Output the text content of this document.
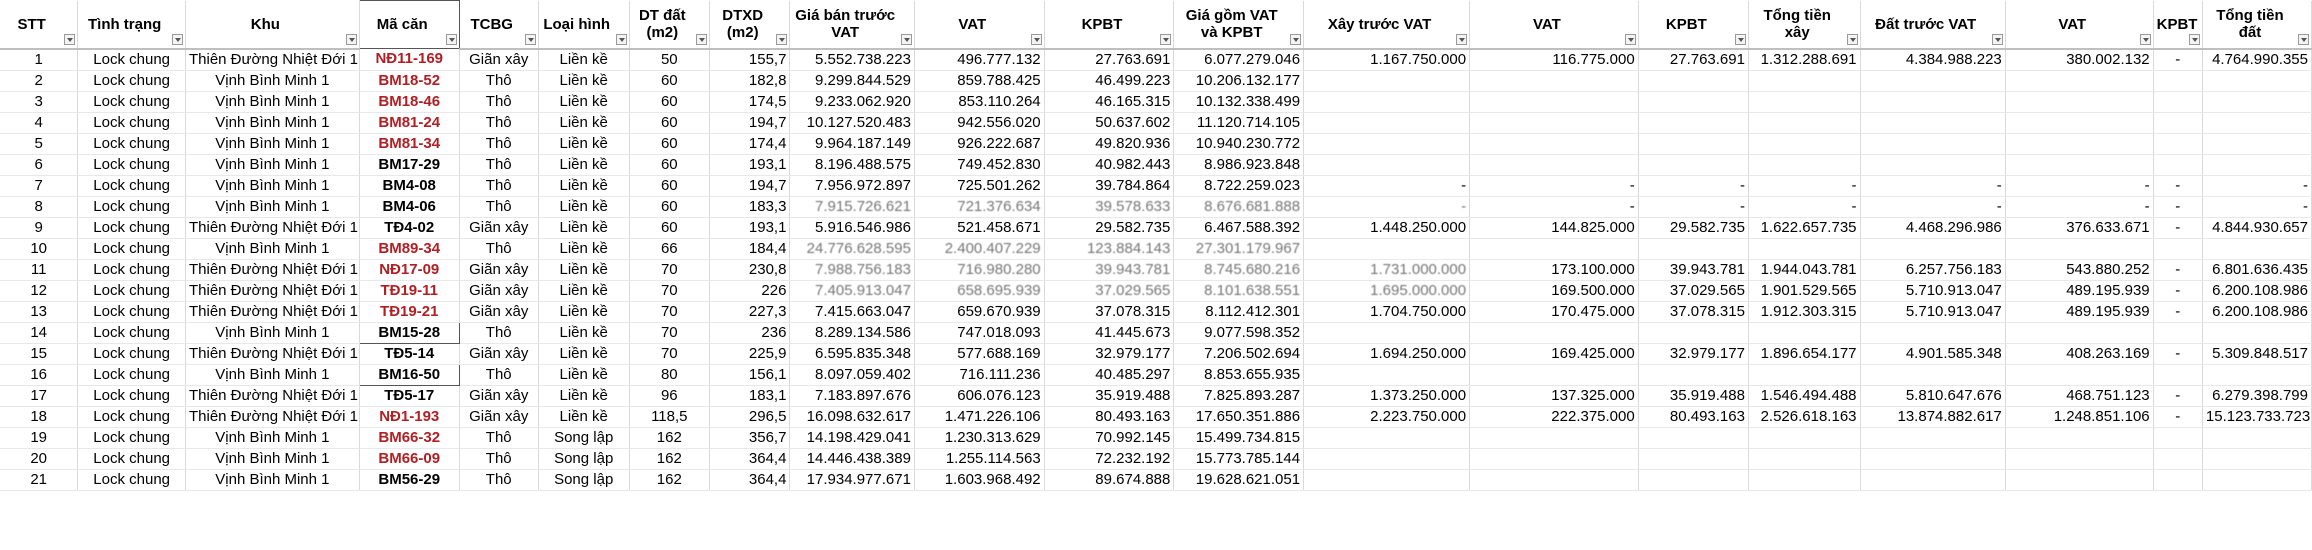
STT	Tình trạng	Khu	Mã căn	TCBG	Loại hình	DT đất (m2)	DTXD (m2)	Giá bán trước VAT	VAT	KPBT	Giá gồm VAT và KPBT	Xây trước VAT	VAT	KPBT	Tổng tiền xây	Đất trước VAT	VAT	KPBT	Tổng tiền đất

1	Lock chung	Thiên Đường Nhiệt Đới 1	NĐ11-169	Giãn xây	Liền kề	50	155,7	5.552.738.223	496.777.132	27.763.691	6.077.279.046	1.167.750.000	116.775.000	27.763.691	1.312.288.691	4.384.988.223	380.002.132	-	4.764.990.355
2	Lock chung	Vịnh Bình Minh 1	BM18-52	Thô	Liền kề	60	182,8	9.299.844.529	859.788.425	46.499.223	10.206.132.177								
3	Lock chung	Vịnh Bình Minh 1	BM18-46	Thô	Liền kề	60	174,5	9.233.062.920	853.110.264	46.165.315	10.132.338.499								
4	Lock chung	Vịnh Bình Minh 1	BM81-24	Thô	Liền kề	60	194,7	10.127.520.483	942.556.020	50.637.602	11.120.714.105								
5	Lock chung	Vịnh Bình Minh 1	BM81-34	Thô	Liền kề	60	174,4	9.964.187.149	926.222.687	49.820.936	10.940.230.772								
6	Lock chung	Vịnh Bình Minh 1	BM17-29	Thô	Liền kề	60	193,1	8.196.488.575	749.452.830	40.982.443	8.986.923.848								
7	Lock chung	Vịnh Bình Minh 1	BM4-08	Thô	Liền kề	60	194,7	7.956.972.897	725.501.262	39.784.864	8.722.259.023	-	-	-	-	-	-	-	-
8	Lock chung	Vịnh Bình Minh 1	BM4-06	Thô	Liền kề	60	183,3	7.915.726.621	721.376.634	39.578.633	8.676.681.888	-	-	-	-	-	-	-	-
9	Lock chung	Thiên Đường Nhiệt Đới 1	TĐ4-02	Giãn xây	Liền kề	60	193,1	5.916.546.986	521.458.671	29.582.735	6.467.588.392	1.448.250.000	144.825.000	29.582.735	1.622.657.735	4.468.296.986	376.633.671	-	4.844.930.657
10	Lock chung	Vịnh Bình Minh 1	BM89-34	Thô	Liền kề	66	184,4	24.776.628.595	2.400.407.229	123.884.143	27.301.179.967								
11	Lock chung	Thiên Đường Nhiệt Đới 1	NĐ17-09	Giãn xây	Liền kề	70	230,8	7.988.756.183	716.980.280	39.943.781	8.745.680.216	1.731.000.000	173.100.000	39.943.781	1.944.043.781	6.257.756.183	543.880.252	-	6.801.636.435
12	Lock chung	Thiên Đường Nhiệt Đới 1	TĐ19-11	Giãn xây	Liền kề	70	226	7.405.913.047	658.695.939	37.029.565	8.101.638.551	1.695.000.000	169.500.000	37.029.565	1.901.529.565	5.710.913.047	489.195.939	-	6.200.108.986
13	Lock chung	Thiên Đường Nhiệt Đới 1	TĐ19-21	Giãn xây	Liền kề	70	227,3	7.415.663.047	659.670.939	37.078.315	8.112.412.301	1.704.750.000	170.475.000	37.078.315	1.912.303.315	5.710.913.047	489.195.939	-	6.200.108.986
14	Lock chung	Vịnh Bình Minh 1	BM15-28	Thô	Liền kề	70	236	8.289.134.586	747.018.093	41.445.673	9.077.598.352								
15	Lock chung	Thiên Đường Nhiệt Đới 1	TĐ5-14	Giãn xây	Liền kề	70	225,9	6.595.835.348	577.688.169	32.979.177	7.206.502.694	1.694.250.000	169.425.000	32.979.177	1.896.654.177	4.901.585.348	408.263.169	-	5.309.848.517
16	Lock chung	Vịnh Bình Minh 1	BM16-50	Thô	Liền kề	80	156,1	8.097.059.402	716.111.236	40.485.297	8.853.655.935								
17	Lock chung	Thiên Đường Nhiệt Đới 1	TĐ5-17	Giãn xây	Liền kề	96	183,1	7.183.897.676	606.076.123	35.919.488	7.825.893.287	1.373.250.000	137.325.000	35.919.488	1.546.494.488	5.810.647.676	468.751.123	-	6.279.398.799
18	Lock chung	Thiên Đường Nhiệt Đới 1	NĐ1-193	Giãn xây	Liền kề	118,5	296,5	16.098.632.617	1.471.226.106	80.493.163	17.650.351.886	2.223.750.000	222.375.000	80.493.163	2.526.618.163	13.874.882.617	1.248.851.106	-	15.123.733.723
19	Lock chung	Vịnh Bình Minh 1	BM66-32	Thô	Song lập	162	356,7	14.198.429.041	1.230.313.629	70.992.145	15.499.734.815								
20	Lock chung	Vịnh Bình Minh 1	BM66-09	Thô	Song lập	162	364,4	14.446.438.389	1.255.114.563	72.232.192	15.773.785.144								
21	Lock chung	Vịnh Bình Minh 1	BM56-29	Thô	Song lập	162	364,4	17.934.977.671	1.603.968.492	89.674.888	19.628.621.051								
